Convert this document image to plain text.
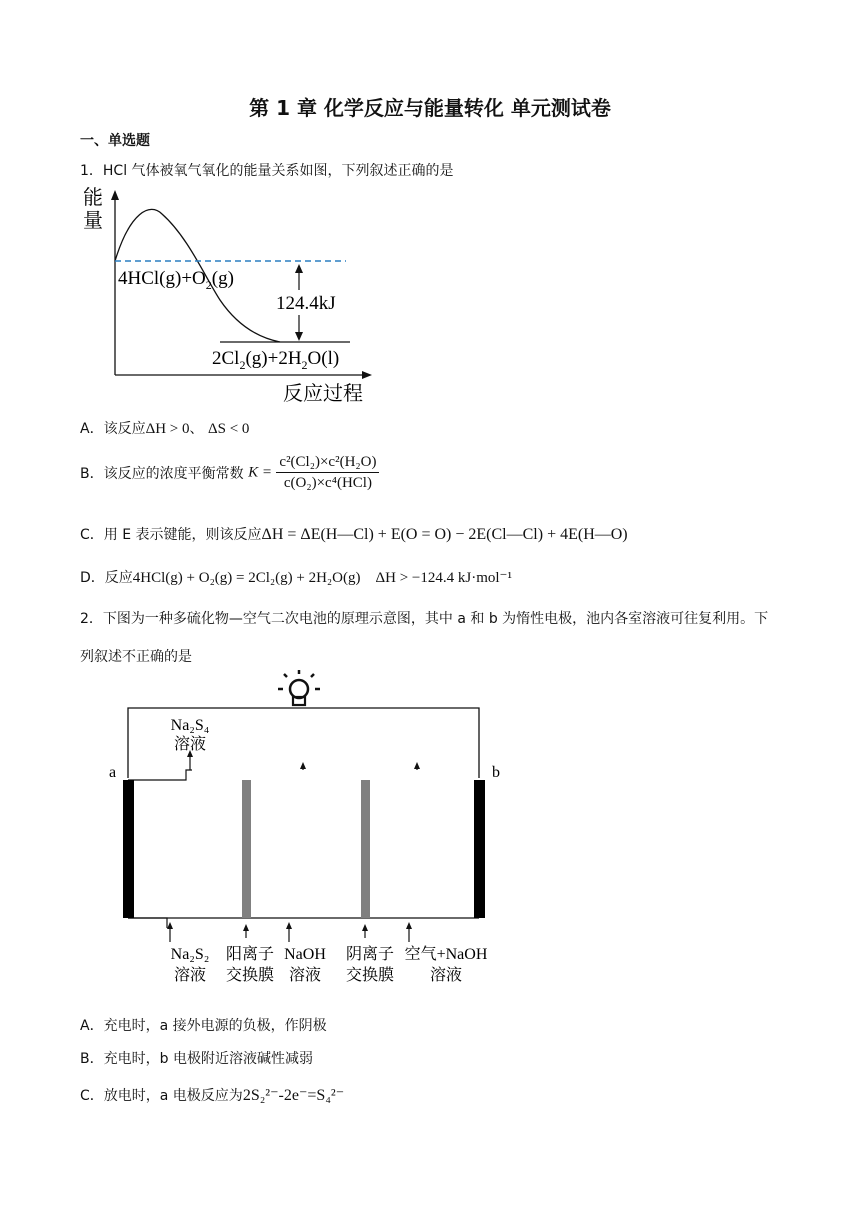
第 1 章 化学反应与能量转化 单元测试卷
一、单选题
1．HCl 气体被氧气氧化的能量关系如图，下列叙述正确的是
能
量
反应过程
$4HCl(g)+O_2(g)$
124.4kJ
$2Cl_2(g)+2H_2O(l)$
A．该反应ΔH > 0、 ΔS < 0
B．该反应的浓度平衡常数 $K = \frac{\text{c²(Cl₂)×c²(H₂O)}}{\text{c(O₂)×c⁴(HCl)}}$
C．用 E 表示键能，则该反应ΔH = ΔE(H—Cl) + E(O = O) − 2E(Cl—Cl) + 4E(H—O)
D．反应4HCl(g) + O₂(g) = 2Cl₂(g) + 2H₂O(g)    ΔH > −124.4 kJ·mol⁻¹
2．下图为一种多硫化物—空气二次电池的原理示意图，其中 a 和 b 为惰性电极，池内各室溶液可往复利用。下列叙述不正确的是
a	b
Na₂S₄
溶液
Na₂S₂
溶液
阳离子
交换膜
NaOH
溶液
阴离子
交换膜
空气+NaOH
溶液
A．充电时，a 接外电源的负极，作阴极
B．充电时，b 电极附近溶液碱性减弱
C．放电时，a 电极反应为2S₂²⁻-2e⁻=S₄²⁻
